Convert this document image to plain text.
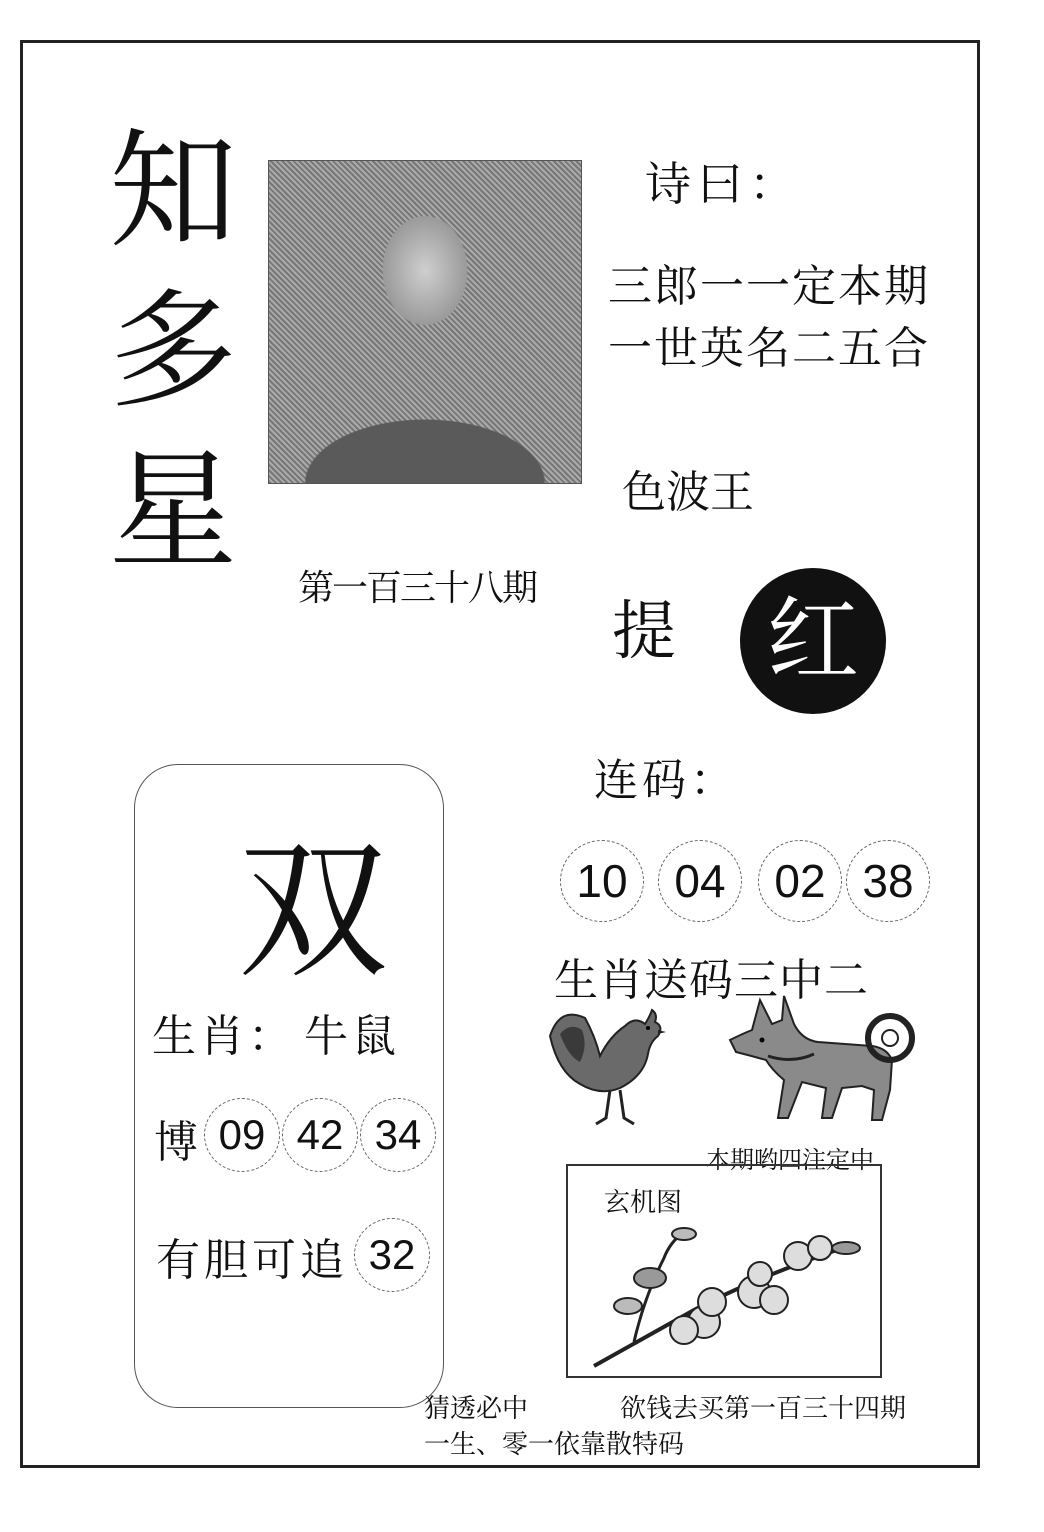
知
多
星
第一百三十八期
诗曰：
三郎一一定本期
一世英名二五合
色波王
提 红
连码：
10	04	02 38
生肖送码三中二
本期哟四注定中
双
生肖： 牛鼠
博 09 42 34
有胆可追 32
玄机图
猜透必中	欲钱去买第一百三十四期
一生、零一依靠散特码
